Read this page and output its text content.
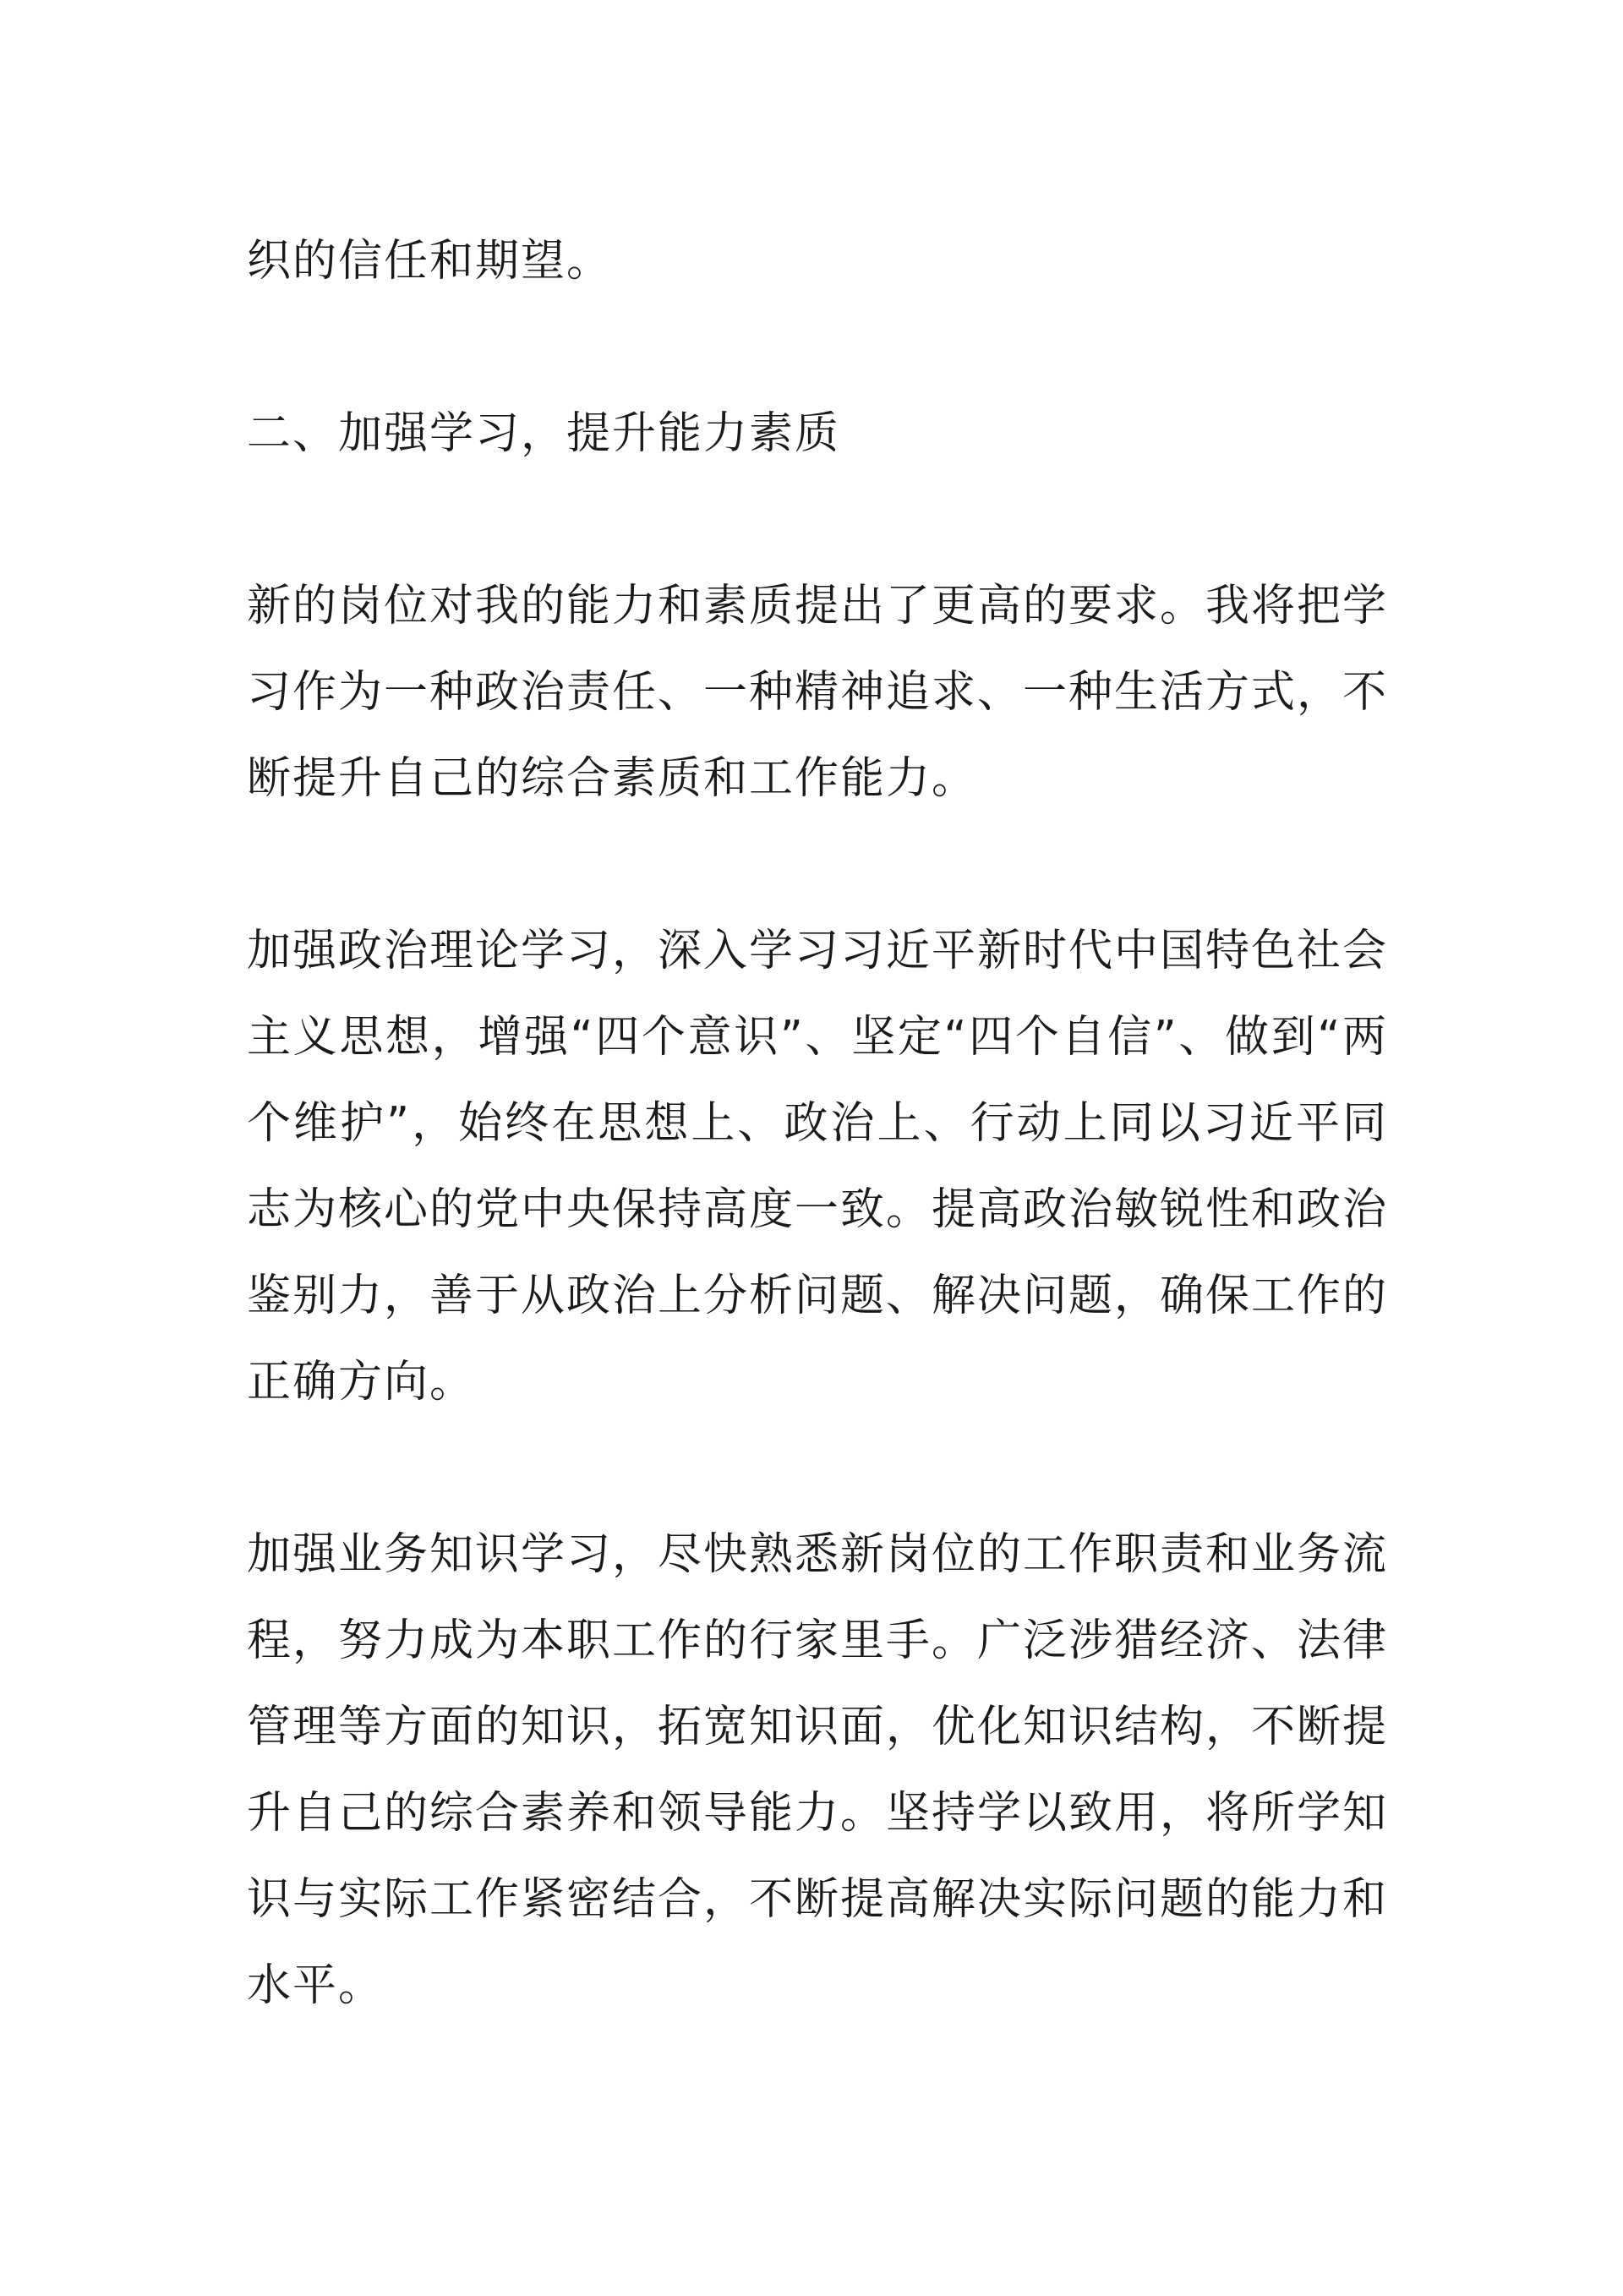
织的信任和期望。

二、加强学习，提升能力素质

新的岗位对我的能力和素质提出了更高的要求。我将把学习作为一种政治责任、一种精神追求、一种生活方式，不断提升自己的综合素质和工作能力。

加强政治理论学习，深入学习习近平新时代中国特色社会主义思想，增强“四个意识”、坚定“四个自信”、做到“两个维护”，始终在思想上、政治上、行动上同以习近平同志为核心的党中央保持高度一致。提高政治敏锐性和政治鉴别力，善于从政治上分析问题、解决问题，确保工作的正确方向。

加强业务知识学习，尽快熟悉新岗位的工作职责和业务流程，努力成为本职工作的行家里手。广泛涉猎经济、法律管理等方面的知识，拓宽知识面，优化知识结构，不断提升自己的综合素养和领导能力。坚持学以致用，将所学知识与实际工作紧密结合，不断提高解决实际问题的能力和水平。
